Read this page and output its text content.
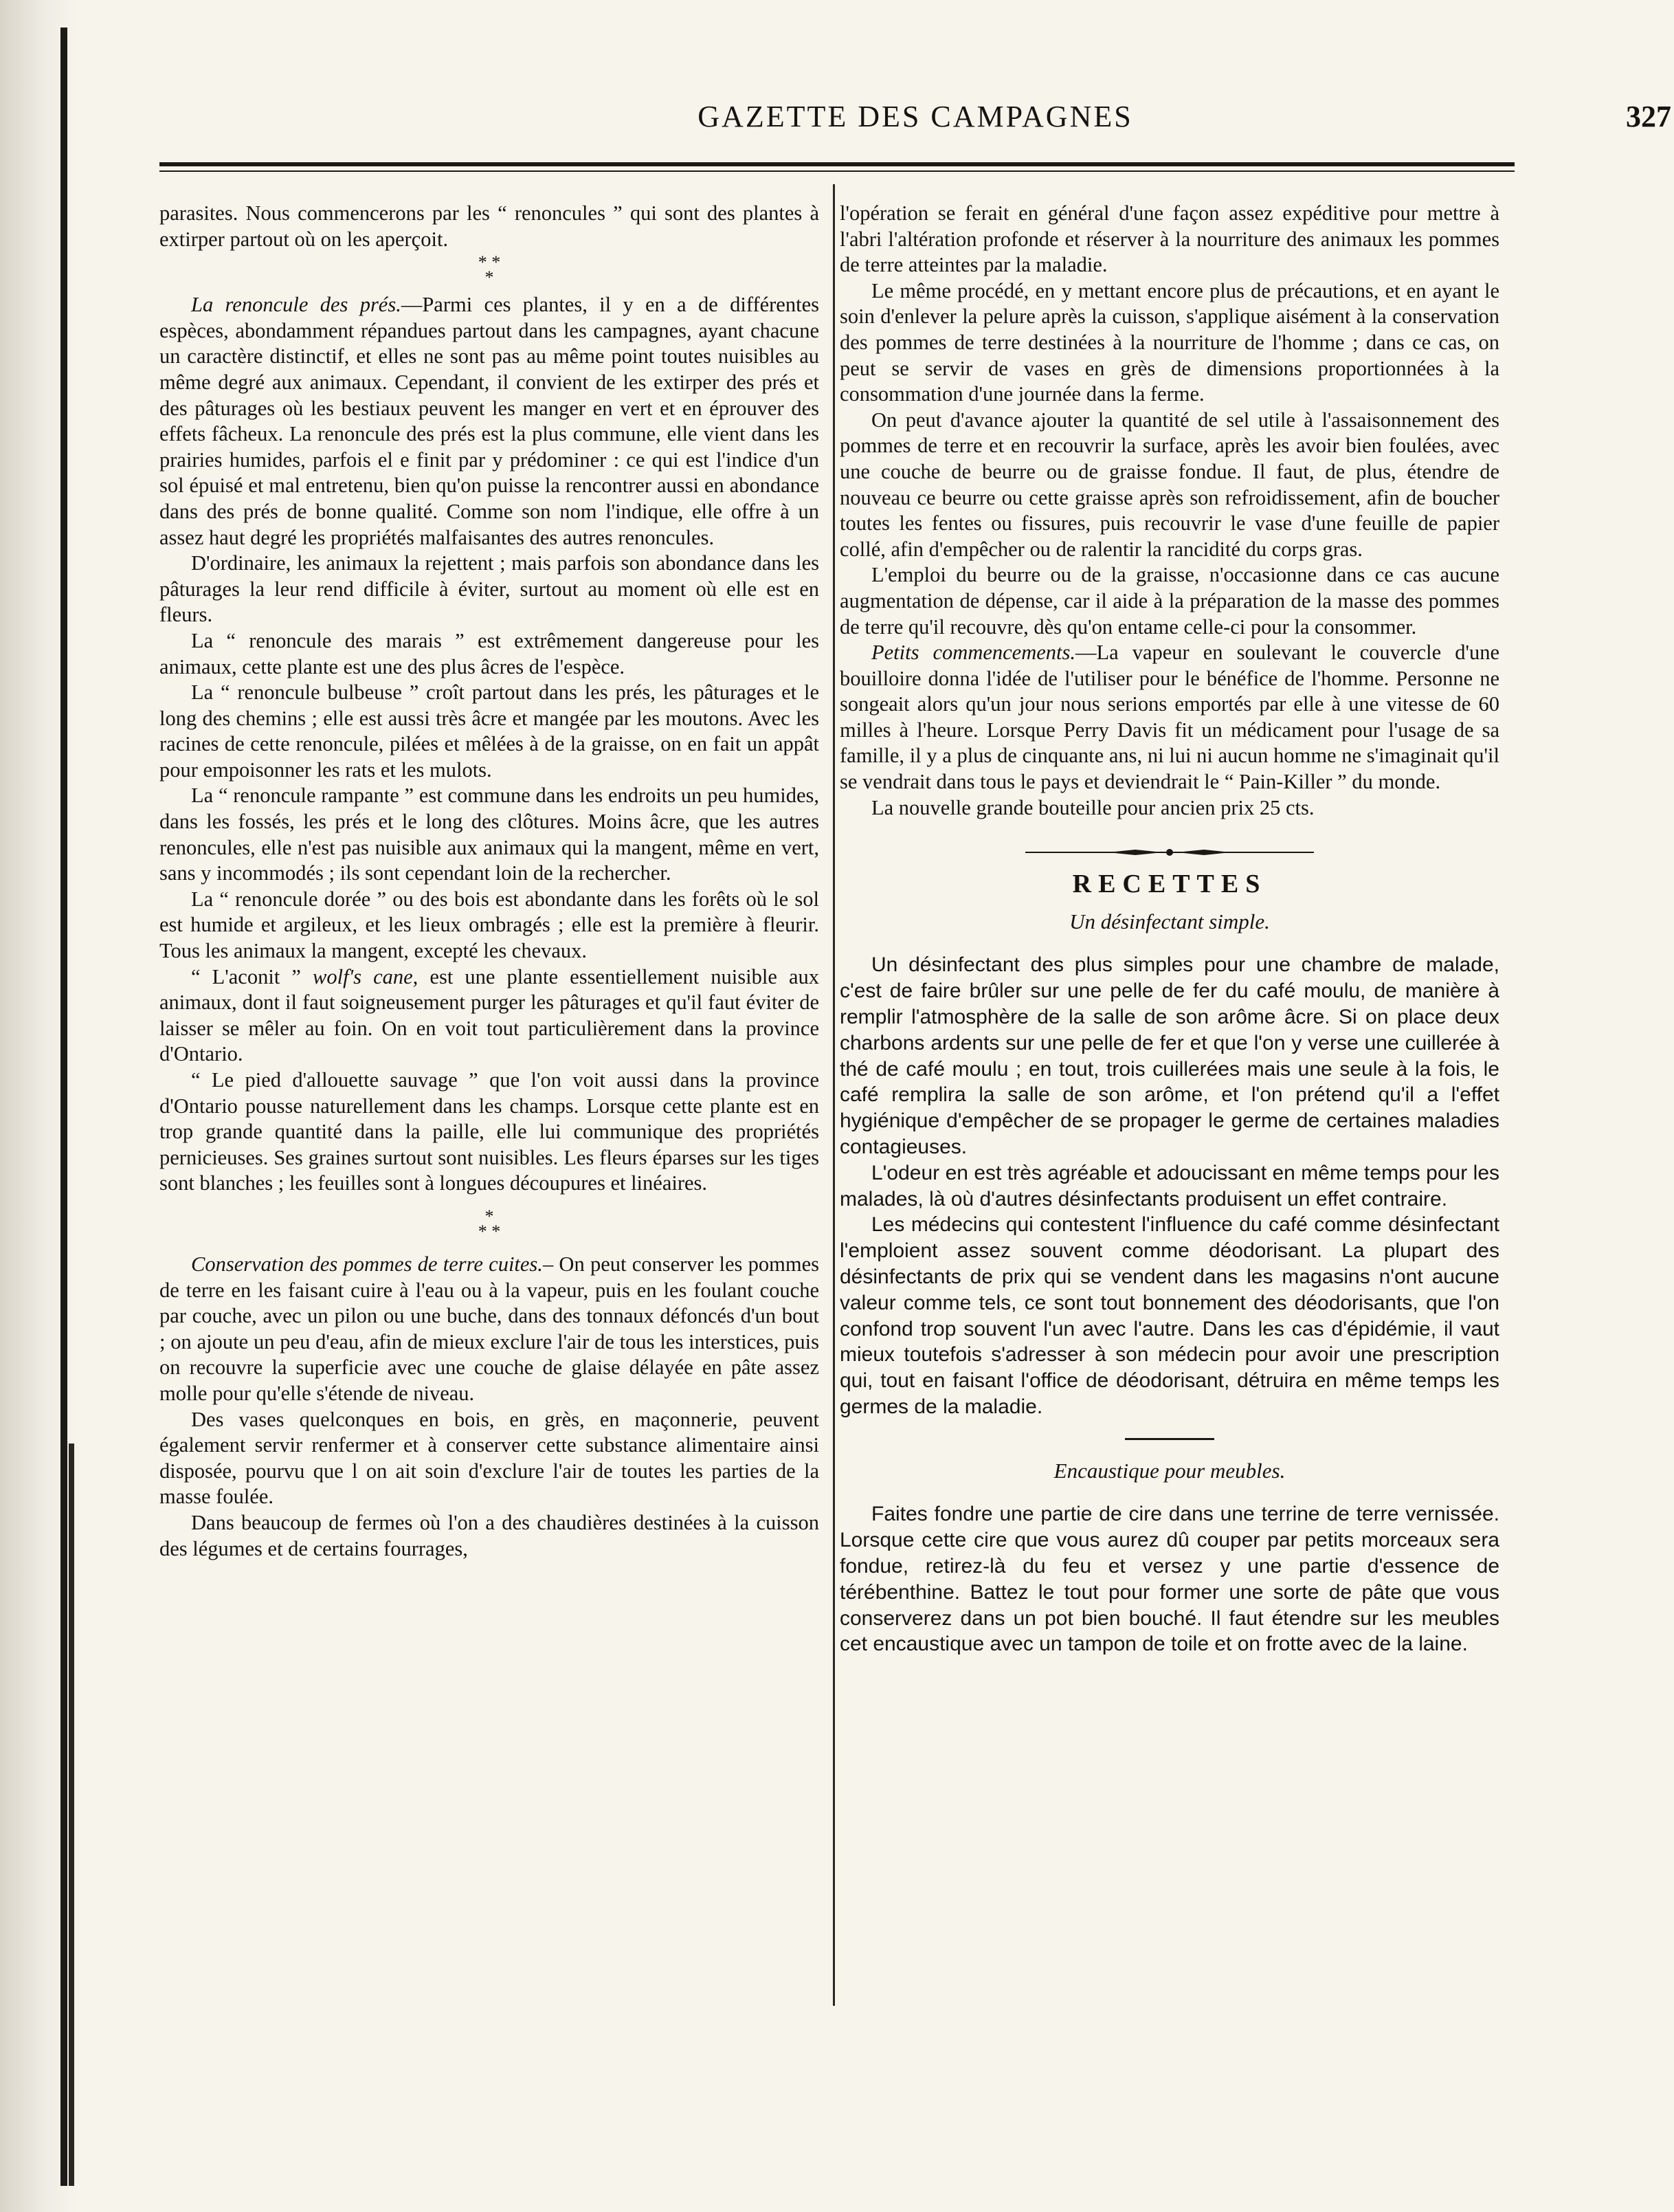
GAZETTE DES CAMPAGNES	327

parasites. Nous commencerons par les “ renoncules ” qui sont des plantes à extirper partout où on les aperçoit.

* *
*

La renoncule des prés.—Parmi ces plantes, il y en a de différentes espèces, abondamment répandues partout dans les campagnes, ayant chacune un caractère distinctif, et elles ne sont pas au même point toutes nuisibles au même degré aux animaux. Cependant, il convient de les extirper des prés et des pâturages où les bestiaux peuvent les manger en vert et en éprouver des effets fâcheux. La renoncule des prés est la plus commune, elle vient dans les prairies humides, parfois el e finit par y prédominer : ce qui est l'indice d'un sol épuisé et mal entretenu, bien qu'on puisse la rencontrer aussi en abondance dans des prés de bonne qualité. Comme son nom l'indique, elle offre à un assez haut degré les propriétés malfaisantes des autres renoncules.

D'ordinaire, les animaux la rejettent ; mais parfois son abondance dans les pâturages la leur rend difficile à éviter, surtout au moment où elle est en fleurs.

La “ renoncule des marais ” est extrêmement dangereuse pour les animaux, cette plante est une des plus âcres de l'espèce.

La “ renoncule bulbeuse ” croît partout dans les prés, les pâturages et le long des chemins ; elle est aussi très âcre et mangée par les moutons. Avec les racines de cette renoncule, pilées et mêlées à de la graisse, on en fait un appât pour empoisonner les rats et les mulots.

La “ renoncule rampante ” est commune dans les endroits un peu humides, dans les fossés, les prés et le long des clôtures. Moins âcre, que les autres renoncules, elle n'est pas nuisible aux animaux qui la mangent, même en vert, sans y incommodés ; ils sont cependant loin de la rechercher.

La “ renoncule dorée ” ou des bois est abondante dans les forêts où le sol est humide et argileux, et les lieux ombragés ; elle est la première à fleurir. Tous les animaux la mangent, excepté les chevaux.

“ L'aconit ” wolf's cane, est une plante essentiellement nuisible aux animaux, dont il faut soigneusement purger les pâturages et qu'il faut éviter de laisser se mêler au foin. On en voit tout particulièrement dans la province d'Ontario.

“ Le pied d'allouette sauvage ” que l'on voit aussi dans la province d'Ontario pousse naturellement dans les champs. Lorsque cette plante est en trop grande quantité dans la paille, elle lui communique des propriétés pernicieuses. Ses graines surtout sont nuisibles. Les fleurs éparses sur les tiges sont blanches ; les feuilles sont à longues découpures et linéaires.

*
* *

Conservation des pommes de terre cuites.– On peut conserver les pommes de terre en les faisant cuire à l'eau ou à la vapeur, puis en les foulant couche par couche, avec un pilon ou une buche, dans des tonnaux défoncés d'un bout ; on ajoute un peu d'eau, afin de mieux exclure l'air de tous les interstices, puis on recouvre la superficie avec une couche de glaise délayée en pâte assez molle pour qu'elle s'étende de niveau.

Des vases quelconques en bois, en grès, en maçonnerie, peuvent également servir renfermer et à conserver cette substance alimentaire ainsi disposée, pourvu que l on ait soin d'exclure l'air de toutes les parties de la masse foulée.

Dans beaucoup de fermes où l'on a des chaudières destinées à la cuisson des légumes et de certains fourrages,

l'opération se ferait en général d'une façon assez expéditive pour mettre à l'abri l'altération profonde et réserver à la nourriture des animaux les pommes de terre atteintes par la maladie.

Le même procédé, en y mettant encore plus de précautions, et en ayant le soin d'enlever la pelure après la cuisson, s'applique aisément à la conservation des pommes de terre destinées à la nourriture de l'homme ; dans ce cas, on peut se servir de vases en grès de dimensions proportionnées à la consommation d'une journée dans la ferme.

On peut d'avance ajouter la quantité de sel utile à l'assaisonnement des pommes de terre et en recouvrir la surface, après les avoir bien foulées, avec une couche de beurre ou de graisse fondue. Il faut, de plus, étendre de nouveau ce beurre ou cette graisse après son refroidissement, afin de boucher toutes les fentes ou fissures, puis recouvrir le vase d'une feuille de papier collé, afin d'empêcher ou de ralentir la rancidité du corps gras.

L'emploi du beurre ou de la graisse, n'occasionne dans ce cas aucune augmentation de dépense, car il aide à la préparation de la masse des pommes de terre qu'il recouvre, dès qu'on entame celle-ci pour la consommer.

Petits commencements.—La vapeur en soulevant le couvercle d'une bouilloire donna l'idée de l'utiliser pour le bénéfice de l'homme. Personne ne songeait alors qu'un jour nous serions emportés par elle à une vitesse de 60 milles à l'heure. Lorsque Perry Davis fit un médicament pour l'usage de sa famille, il y a plus de cinquante ans, ni lui ni aucun homme ne s'imaginait qu'il se vendrait dans tous le pays et deviendrait le “ Pain-Killer ” du monde.

La nouvelle grande bouteille pour ancien prix 25 cts.

RECETTES
Un désinfectant simple.

Un désinfectant des plus simples pour une chambre de malade, c'est de faire brûler sur une pelle de fer du café moulu, de manière à remplir l'atmosphère de la salle de son arôme âcre. Si on place deux charbons ardents sur une pelle de fer et que l'on y verse une cuillerée à thé de café moulu ; en tout, trois cuillerées mais une seule à la fois, le café remplira la salle de son arôme, et l'on prétend qu'il a l'effet hygiénique d'empêcher de se propager le germe de certaines maladies contagieuses.

L'odeur en est très agréable et adoucissant en même temps pour les malades, là où d'autres désinfectants produisent un effet contraire.

Les médecins qui contestent l'influence du café comme désinfectant l'emploient assez souvent comme déodorisant. La plupart des désinfectants de prix qui se vendent dans les magasins n'ont aucune valeur comme tels, ce sont tout bonnement des déodorisants, que l'on confond trop souvent l'un avec l'autre. Dans les cas d'épidémie, il vaut mieux toutefois s'adresser à son médecin pour avoir une prescription qui, tout en faisant l'office de déodorisant, détruira en même temps les germes de la maladie.

Encaustique pour meubles.

Faites fondre une partie de cire dans une terrine de terre vernissée. Lorsque cette cire que vous aurez dû couper par petits morceaux sera fondue, retirez-là du feu et versez y une partie d'essence de térébenthine. Battez le tout pour former une sorte de pâte que vous conserverez dans un pot bien bouché. Il faut étendre sur les meubles cet encaustique avec un tampon de toile et on frotte avec de la laine.
